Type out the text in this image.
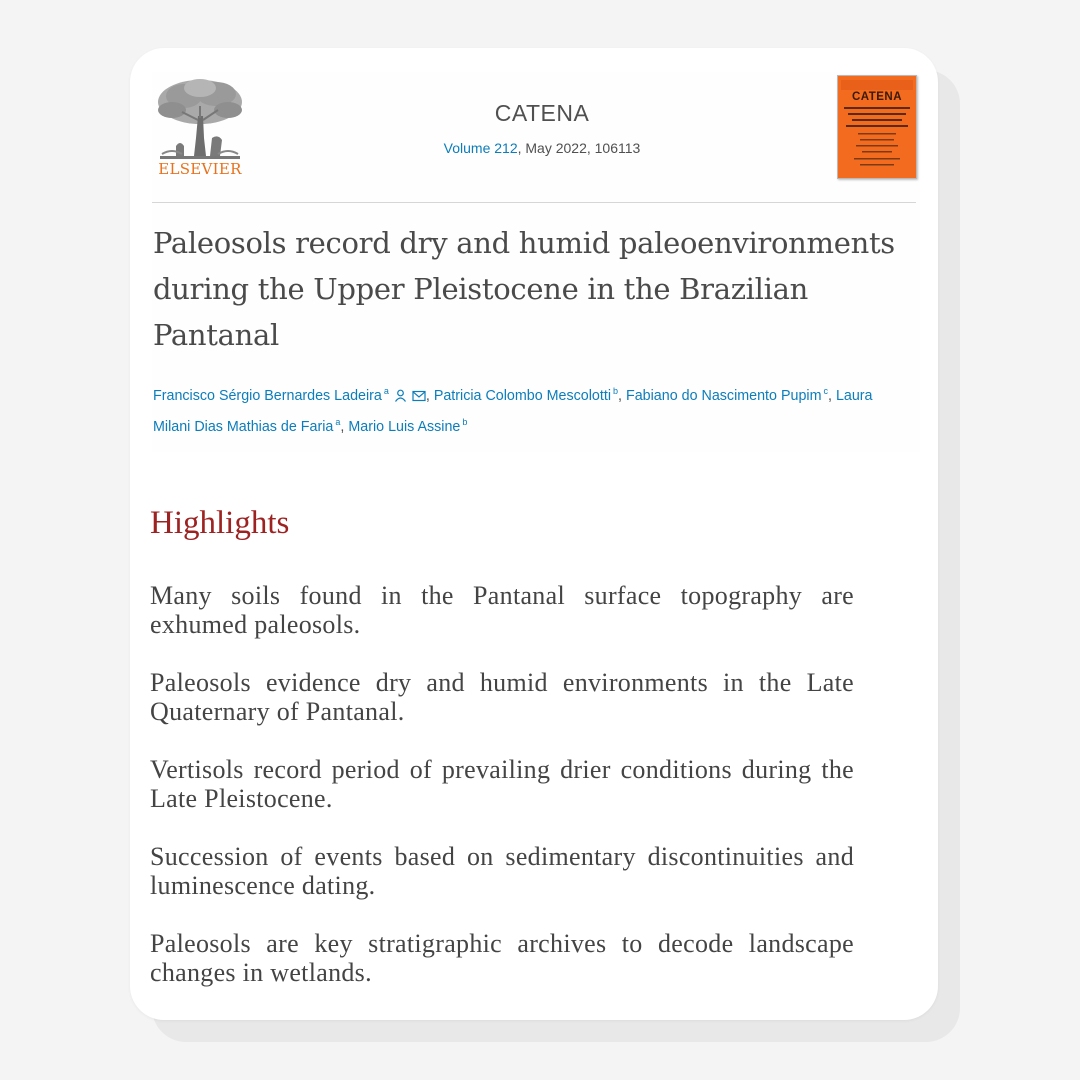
ELSEVIER
CATENA
Volume 212, May 2022, 106113
CATENA
Paleosols record dry and humid paleoenvironments during the Upper Pleistocene in the Brazilian Pantanal
Francisco Sérgio Bernardes Ladeira $^a$	, Patricia Colombo Mescolotti $^b$, Fabiano do Nascimento Pupim $^c$, Laura Milani Dias Mathias de Faria $^a$, Mario Luis Assine $^b$
Highlights
Many soils found in the Pantanal surface topography are exhumed paleosols.
Paleosols evidence dry and humid environments in the Late Quaternary of Pantanal.
Vertisols record period of prevailing drier conditions during the Late Pleistocene.
Succession of events based on sedimentary discontinuities and luminescence dating.
Paleosols are key stratigraphic archives to decode landscape changes in wetlands.
